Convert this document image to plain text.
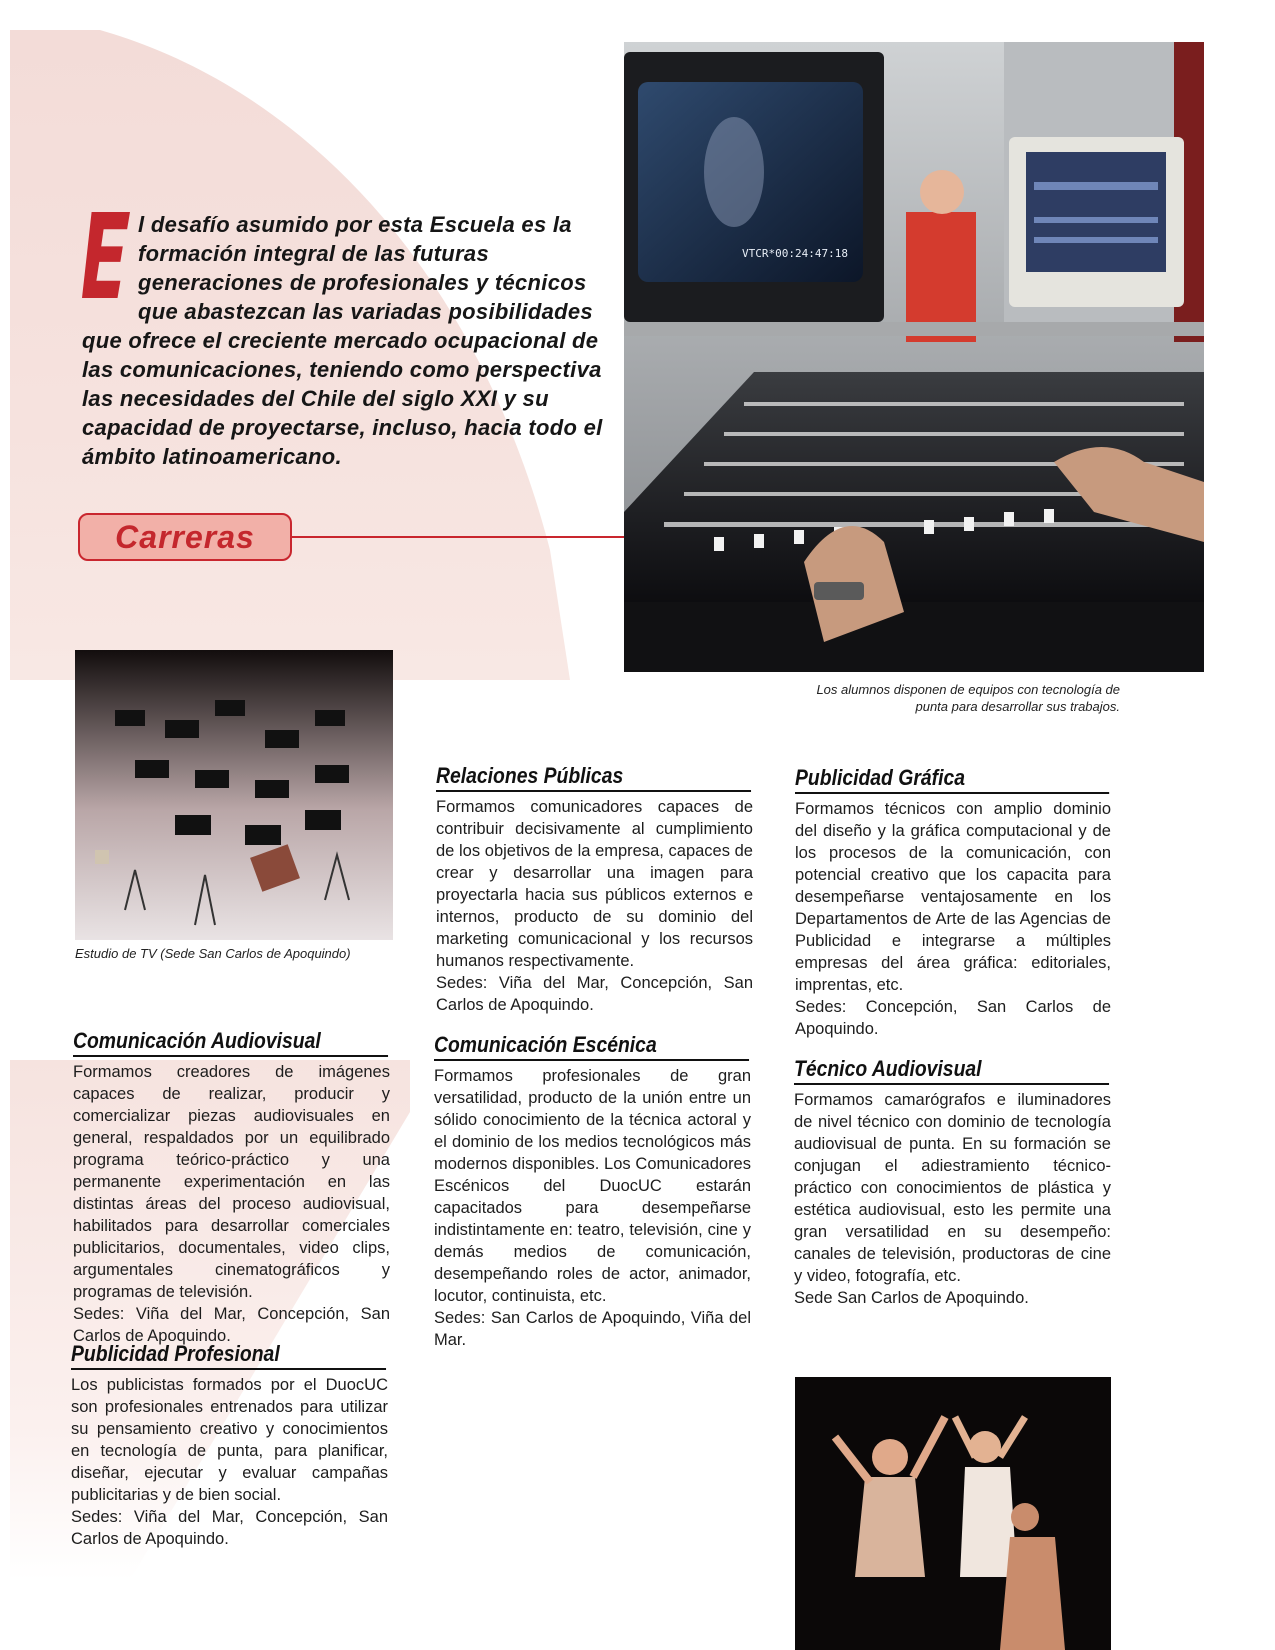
l desafío asumido por esta Escuela es la formación integral de las futuras generaciones de profesionales y técnicos que abastezcan las variadas posibilidades que ofrece el creciente mercado ocupacional de las comunicaciones, teniendo como perspectiva las necesidades del Chile del siglo XXI y su capacidad de proyectarse, incluso, hacia todo el ámbito latinoamericano.
Carreras
VTCR*00:24:47:18
Los alumnos disponen de equipos con tecnología de punta para desarrollar sus trabajos.
Estudio de TV (Sede San Carlos de Apoquindo)
Relaciones Públicas

Formamos comunicadores capaces de contribuir decisivamente al cumplimiento de los objetivos de la empresa, capaces de crear y desarrollar una imagen para proyectarla hacia sus públicos externos e internos, producto de su dominio del marketing comunicacional y los recursos humanos respectivamente.

Sedes: Viña del Mar, Concepción, San Carlos de Apoquindo.

Publicidad Gráfica

Formamos técnicos con amplio dominio del diseño y la gráfica computacional y de los procesos de la comunicación, con potencial creativo que los capacita para desempeñarse ventajosamente en los Departamentos de Arte de las Agencias de Publicidad e integrarse a múltiples empresas del área gráfica: editoriales, imprentas, etc.

Sedes: Concepción, San Carlos de Apoquindo.

Comunicación Audiovisual

Formamos creadores de imágenes capaces de realizar, producir y comercializar piezas audiovisuales en general, respaldados por un equilibrado programa teórico-práctico y una permanente experimentación en las distintas áreas del proceso audiovisual, habilitados para desarrollar comerciales publicitarios, documentales, video clips, argumentales cinematográficos y programas de televisión.

Sedes: Viña del Mar, Concepción, San Carlos de Apoquindo.

Comunicación Escénica

Formamos profesionales de gran versatilidad, producto de la unión entre un sólido conocimiento de la técnica actoral y el dominio de los medios tecnológicos más modernos disponibles. Los Comunicadores Escénicos del DuocUC estarán capacitados para desempeñarse indistintamente en: teatro, televisión, cine y demás medios de comunicación, desempeñando roles de actor, animador, locutor, continuista, etc.

Sedes: San Carlos de Apoquindo, Viña del Mar.

Técnico Audiovisual

Formamos camarógrafos e iluminadores de nivel técnico con dominio de tecnología audiovisual de punta. En su formación se conjugan el adiestramiento técnico-práctico con conocimientos de plástica y estética audiovisual, esto les permite una gran versatilidad en su desempeño: canales de televisión, productoras de cine y video, fotografía, etc.

Sede San Carlos de Apoquindo.

Publicidad Profesional

Los publicistas formados por el DuocUC son profesionales entrenados para utilizar su pensamiento creativo y conocimientos en tecnología de punta, para planificar, diseñar, ejecutar y evaluar campañas publicitarias y de bien social.

Sedes: Viña del Mar, Concepción, San Carlos de Apoquindo.
